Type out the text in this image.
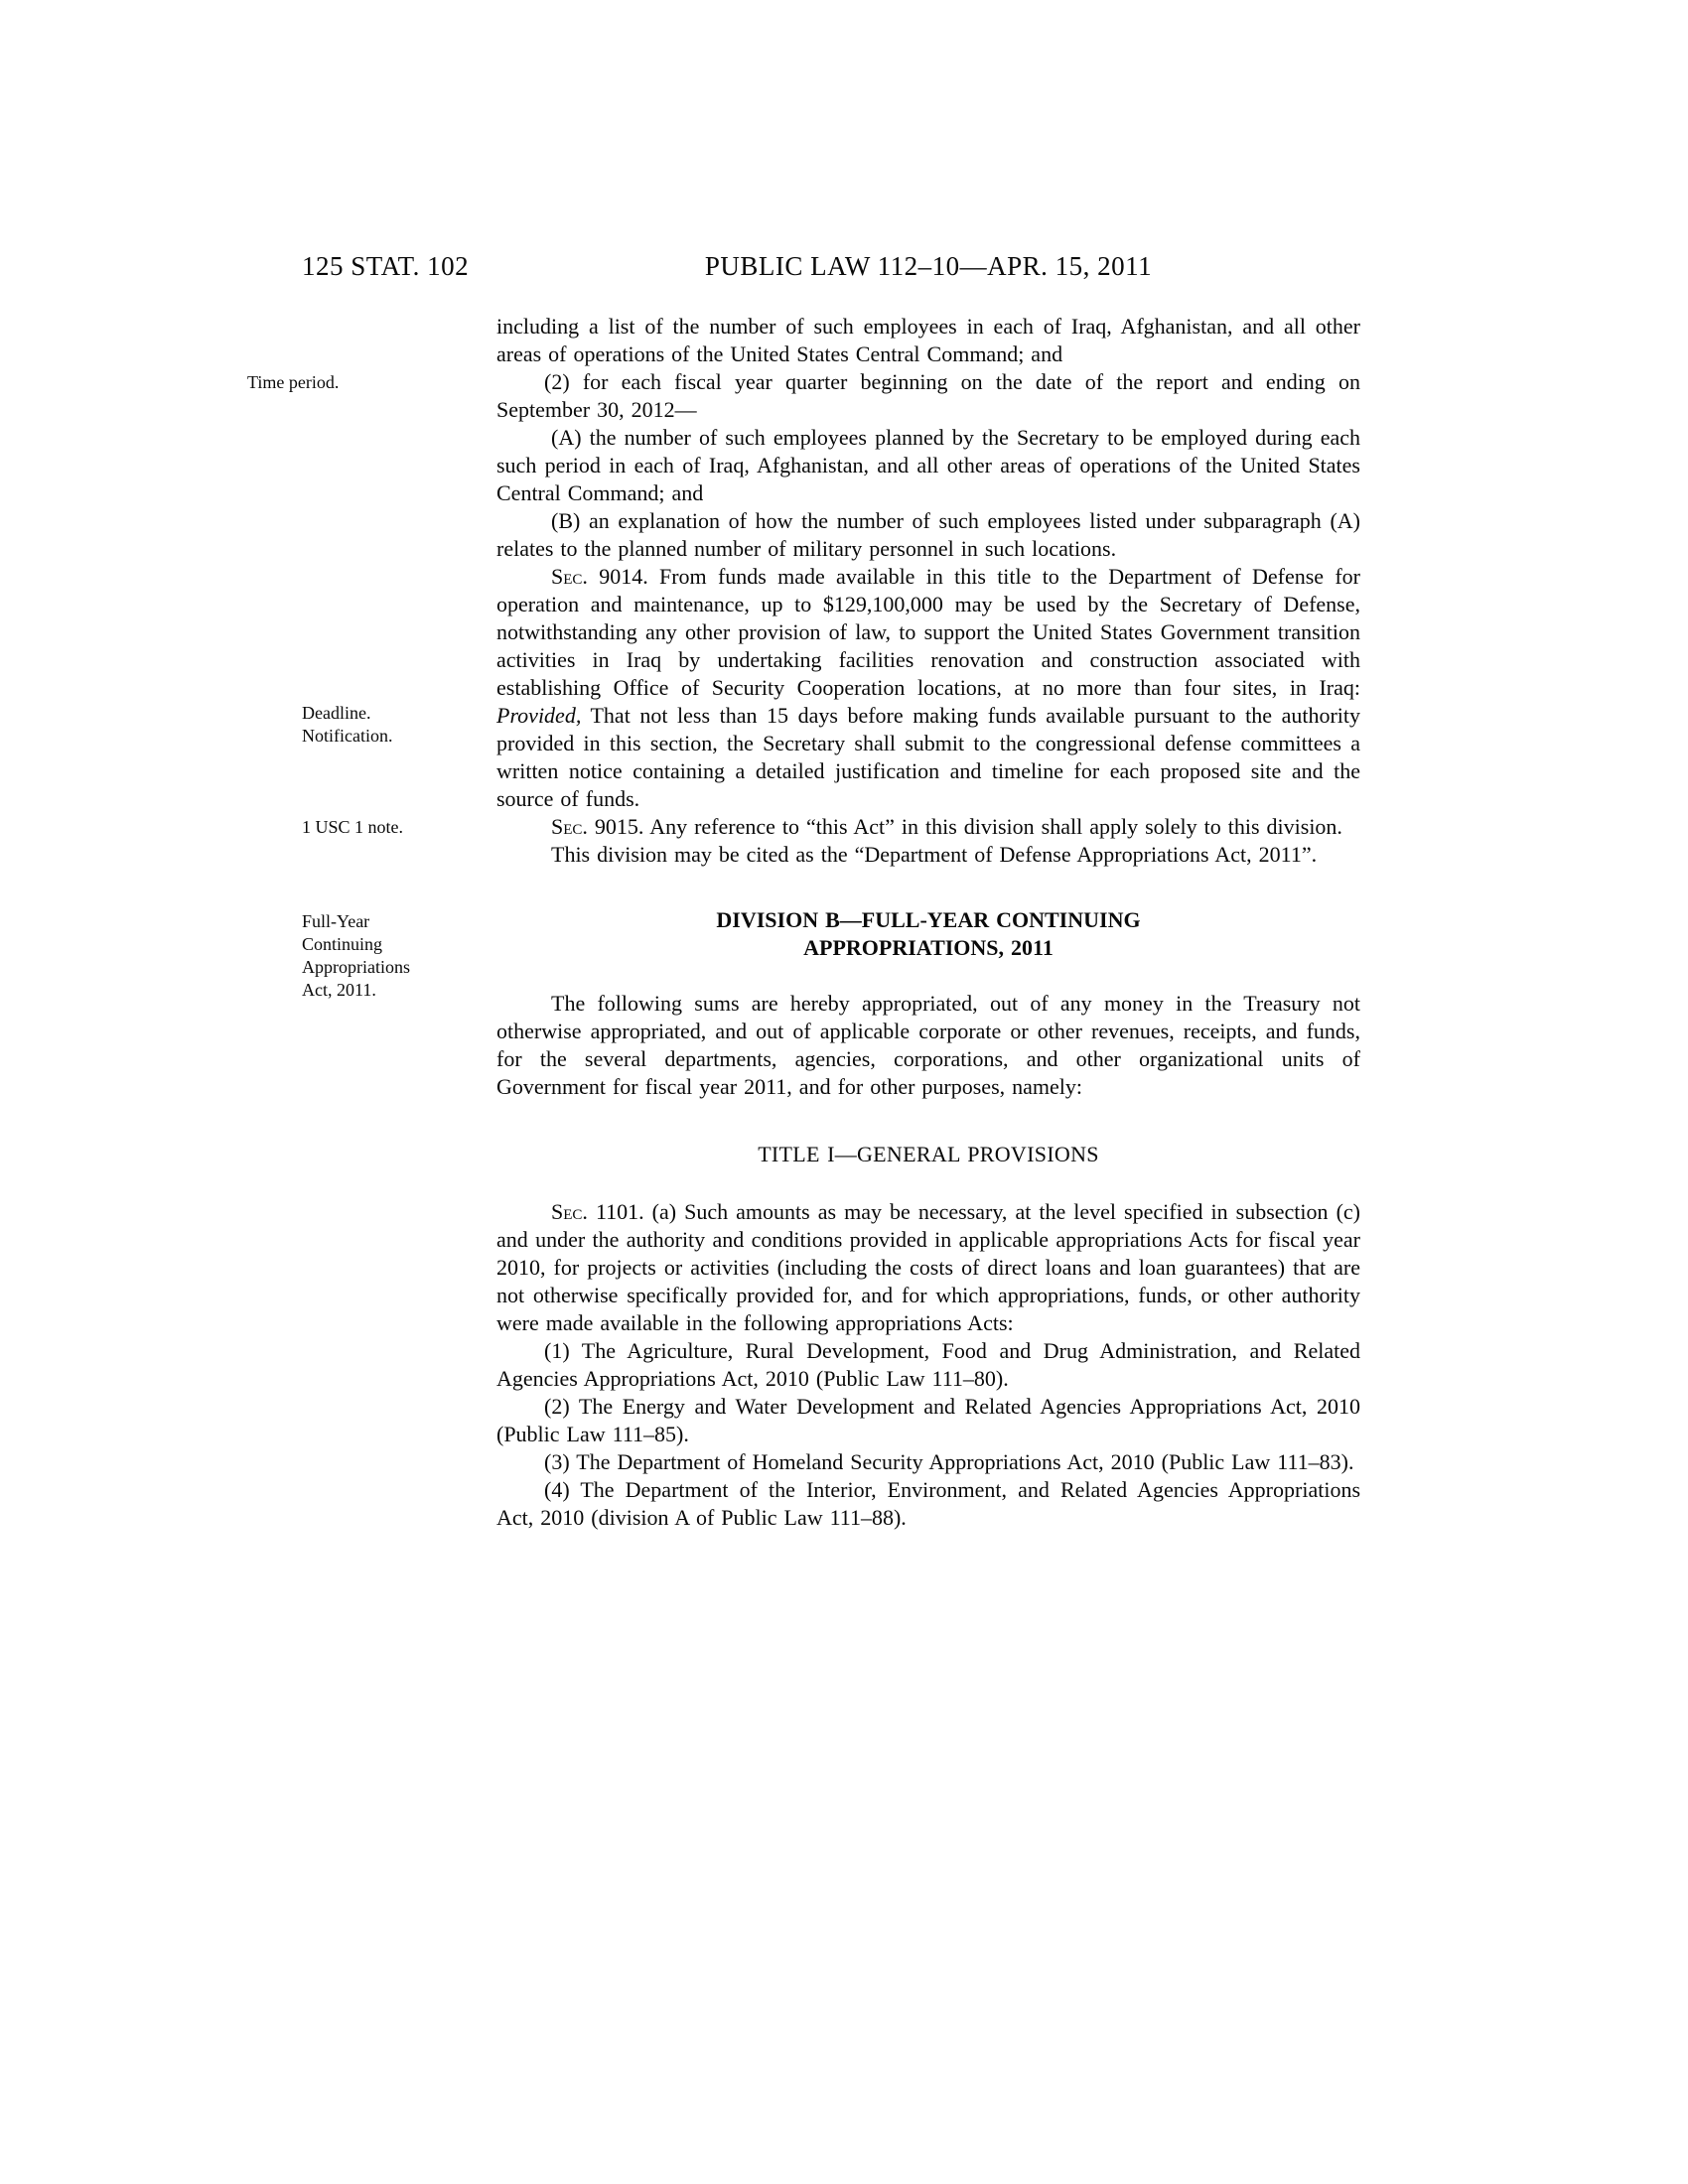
125 STAT. 102	PUBLIC LAW 112–10—APR. 15, 2011

including a list of the number of such employees in each of Iraq, Afghanistan, and all other areas of operations of the United States Central Command; and

Time period.	(2) for each fiscal year quarter beginning on the date of the report and ending on September 30, 2012—

(A) the number of such employees planned by the Secretary to be employed during each such period in each of Iraq, Afghanistan, and all other areas of operations of the United States Central Command; and

(B) an explanation of how the number of such employees listed under subparagraph (A) relates to the planned number of military personnel in such locations.

Deadline.
Notification.
Sec. 9014. From funds made available in this title to the Department of Defense for operation and maintenance, up to $129,100,000 may be used by the Secretary of Defense, notwithstanding any other provision of law, to support the United States Government transition activities in Iraq by undertaking facilities renovation and construction associated with establishing Office of Security Cooperation locations, at no more than four sites, in Iraq: Provided, That not less than 15 days before making funds available pursuant to the authority provided in this section, the Secretary shall submit to the congressional defense committees a written notice containing a detailed justification and timeline for each proposed site and the source of funds.

1 USC 1 note.	Sec. 9015. Any reference to “this Act” in this division shall apply solely to this division.

This division may be cited as the “Department of Defense Appropriations Act, 2011”.

Full-Year Continuing Appropriations Act, 2011.
DIVISION B—FULL-YEAR CONTINUING
APPROPRIATIONS, 2011

The following sums are hereby appropriated, out of any money in the Treasury not otherwise appropriated, and out of applicable corporate or other revenues, receipts, and funds, for the several departments, agencies, corporations, and other organizational units of Government for fiscal year 2011, and for other purposes, namely:

TITLE I—GENERAL PROVISIONS

Sec. 1101. (a) Such amounts as may be necessary, at the level specified in subsection (c) and under the authority and conditions provided in applicable appropriations Acts for fiscal year 2010, for projects or activities (including the costs of direct loans and loan guarantees) that are not otherwise specifically provided for, and for which appropriations, funds, or other authority were made available in the following appropriations Acts:

(1) The Agriculture, Rural Development, Food and Drug Administration, and Related Agencies Appropriations Act, 2010 (Public Law 111–80).

(2) The Energy and Water Development and Related Agencies Appropriations Act, 2010 (Public Law 111–85).

(3) The Department of Homeland Security Appropriations Act, 2010 (Public Law 111–83).

(4) The Department of the Interior, Environment, and Related Agencies Appropriations Act, 2010 (division A of Public Law 111–88).
